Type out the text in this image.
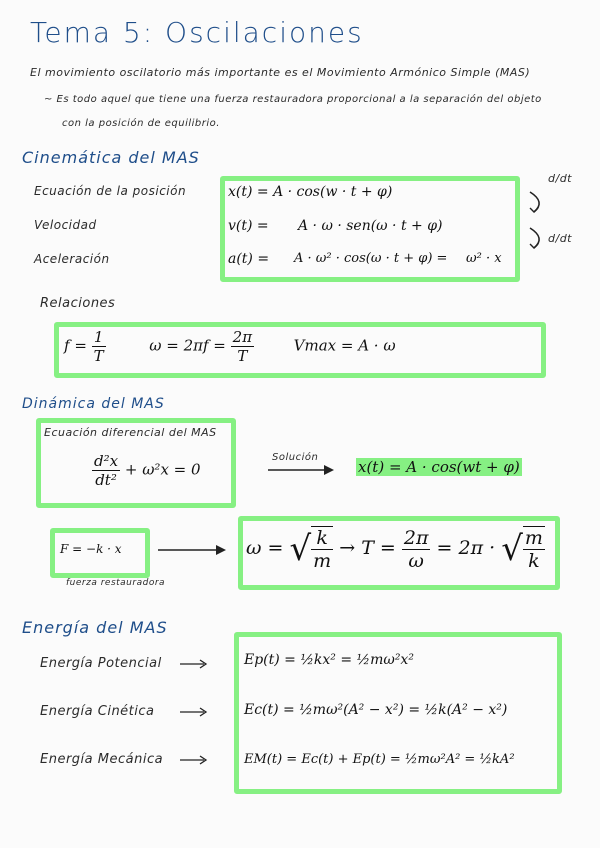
Tema 5: Oscilaciones
El movimiento oscilatorio más importante es el Movimiento Armónico Simple (MAS)
~ Es todo aquel que tiene una fuerza restauradora proporcional a la separación del objeto
con la posición de equilibrio.
Cinemática del MAS
Ecuación de la posición
Velocidad
Aceleración
x(t) = A · cos(w · t + φ)
v(t) = A · ω · sen(ω · t + φ)
a(t) = A · ω² · cos(ω · t + φ) = ω² · x
d/dt
d/dt
Relaciones
$f = \frac{1}{T}$	$\omega = 2\pi f = \frac{2\pi}{T}$	Vmax = A · ω
Dinámica del MAS
Ecuación diferencial del MAS
$\frac{\text{d²x}}{\text{dt²}} + \omega^2x = 0$
Solución
x(t) = A · cos(wt + φ)
F = −k · x
fuerza restauradora
ω = √ $\frac{k}{m} \to T = \frac{2\pi}{\omega} = 2\pi$ · √ $\frac{m}{k}$
Energía del MAS
Energía Potencial
Energía Cinética
Energía Mecánica
Ep(t) = ½kx² = ½mω²x²
Ec(t) = ½mω²(A² − x²) = ½k(A² − x²)
EM(t) = Ec(t) + Ep(t) = ½mω²A² = ½kA²
